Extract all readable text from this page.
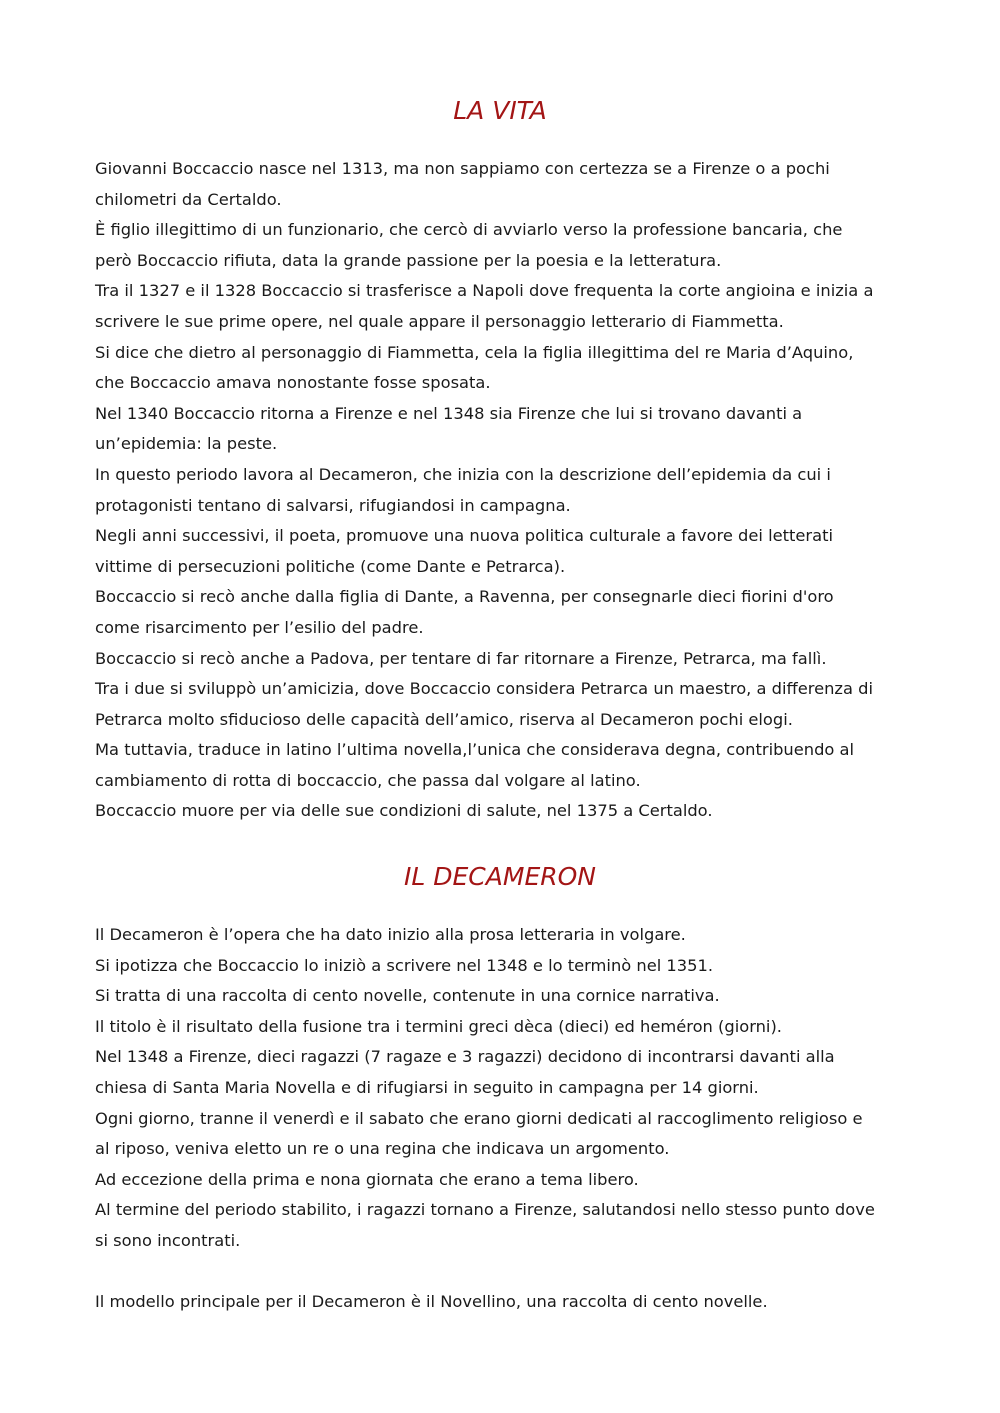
LA VITA
Giovanni Boccaccio nasce nel 1313, ma non sappiamo con certezza se a Firenze o a pochi
chilometri da Certaldo.
È figlio illegittimo di un funzionario, che cercò di avviarlo verso la professione bancaria, che
però Boccaccio rifiuta, data la grande passione per la poesia e la letteratura.
Tra il 1327 e il 1328 Boccaccio si trasferisce a Napoli dove frequenta la corte angioina e inizia a
scrivere le sue prime opere, nel quale appare il personaggio letterario di Fiammetta.
Si dice che dietro al personaggio di Fiammetta, cela la figlia illegittima del re Maria d’Aquino,
che Boccaccio amava nonostante fosse sposata.
Nel 1340 Boccaccio ritorna a Firenze e nel 1348 sia Firenze che lui si trovano davanti a
un’epidemia: la peste.
In questo periodo lavora al Decameron, che inizia con la descrizione dell’epidemia da cui i
protagonisti tentano di salvarsi, rifugiandosi in campagna.
Negli anni successivi, il poeta, promuove una nuova politica culturale a favore dei letterati
vittime di persecuzioni politiche (come Dante e Petrarca).
Boccaccio si recò anche dalla figlia di Dante, a Ravenna, per consegnarle dieci fiorini d'oro
come risarcimento per l’esilio del padre.
Boccaccio si recò anche a Padova, per tentare di far ritornare a Firenze, Petrarca, ma fallì.
Tra i due si sviluppò un’amicizia, dove Boccaccio considera Petrarca un maestro, a differenza di
Petrarca molto sfiducioso delle capacità dell’amico, riserva al Decameron pochi elogi.
Ma tuttavia, traduce in latino l’ultima novella,l’unica che considerava degna, contribuendo al
cambiamento di rotta di boccaccio, che passa dal volgare al latino.
Boccaccio muore per via delle sue condizioni di salute, nel 1375 a Certaldo.
IL DECAMERON
Il Decameron è l’opera che ha dato inizio alla prosa letteraria in volgare.
Si ipotizza che Boccaccio lo iniziò a scrivere nel 1348 e lo terminò nel 1351.
Si tratta di una raccolta di cento novelle, contenute in una cornice narrativa.
Il titolo è il risultato della fusione tra i termini greci dèca (dieci) ed heméron (giorni).
Nel 1348 a Firenze, dieci ragazzi (7 ragaze e 3 ragazzi) decidono di incontrarsi davanti alla
chiesa di Santa Maria Novella e di rifugiarsi in seguito in campagna per 14 giorni.
Ogni giorno, tranne il venerdì e il sabato che erano giorni dedicati al raccoglimento religioso e
al riposo, veniva eletto un re o una regina che indicava un argomento.
Ad eccezione della prima e nona giornata che erano a tema libero.
Al termine del periodo stabilito, i ragazzi tornano a Firenze, salutandosi nello stesso punto dove
si sono incontrati.
Il modello principale per il Decameron è il Novellino, una raccolta di cento novelle.
